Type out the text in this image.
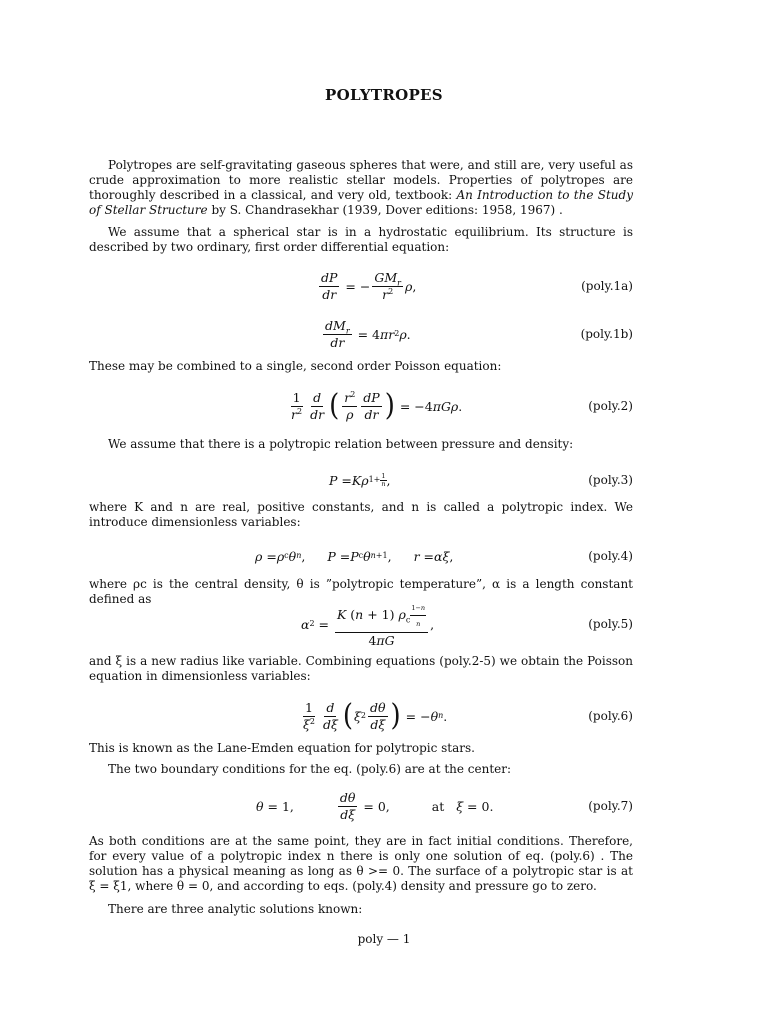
POLYTROPES

Polytropes are self-gravitating gaseous spheres that were, and still are, very useful as crude approximation to more realistic stellar models. Properties of polytropes are thoroughly described in a classical, and very old, textbook: An Introduction to the Study of Stellar Structure by S. Chandrasekhar (1939, Dover editions: 1958, 1967) .

We assume that a spherical star is in a hydrostatic equilibrium. Its structure is described by two ordinary, first order differential equation:

$\frac{dP}{dr}$ = − $\frac{GM_r}{r^2}$ ρ ,	(poly.1a)
$\frac{dM_r}{dr} = 4$ πr 2 ρ .	(poly.1b)

These may be combined to a single, second order Poisson equation:

$\frac{1}{r^2} \frac{d}{dr}$ ( $\frac{r^2}{\rho} \frac{dP}{dr}$ ) = −4 πGρ .	(poly.2)

We assume that there is a polytropic relation between pressure and density:

P = Kρ $1+ \frac{1}{n}$ ,	(poly.3)

where K and n are real, positive constants, and n is called a polytropic index. We introduce dimensionless variables:

ρ = ρ c θ n , P = P c θ n+1 , r = αξ ,	(poly.4)

where ρc is the central density, θ is ”polytropic temperature”, α is a length constant defined as

α $2 = \frac{K (n + 1) \rho_c \frac{1-n}{n}}{4\pi G}$ ,	(poly.5)

and ξ is a new radius like variable. Combining equations (poly.2-5) we obtain the Poisson equation in dimensionless variables:

$\frac{1}{\xi^2} \frac{d}{d\xi}$ ( ξ $2 \frac{d\theta}{d\xi}$ ) = − θ n .	(poly.6)

This is known as the Lane-Emden equation for polytropic stars.

The two boundary conditions for the eq. (poly.6) are at the center:

θ = 1,	$\frac{d\theta}{d\xi} = 0$,	at
ξ = 0.	(poly.7)

As both conditions are at the same point, they are in fact initial conditions. Therefore, for every value of a polytropic index n there is only one solution of eq. (poly.6) . The solution has a physical meaning as long as θ >= 0. The surface of a polytropic star is at ξ = ξ1, where θ = 0, and according to eqs. (poly.4) density and pressure go to zero.

There are three analytic solutions known:

poly — 1
